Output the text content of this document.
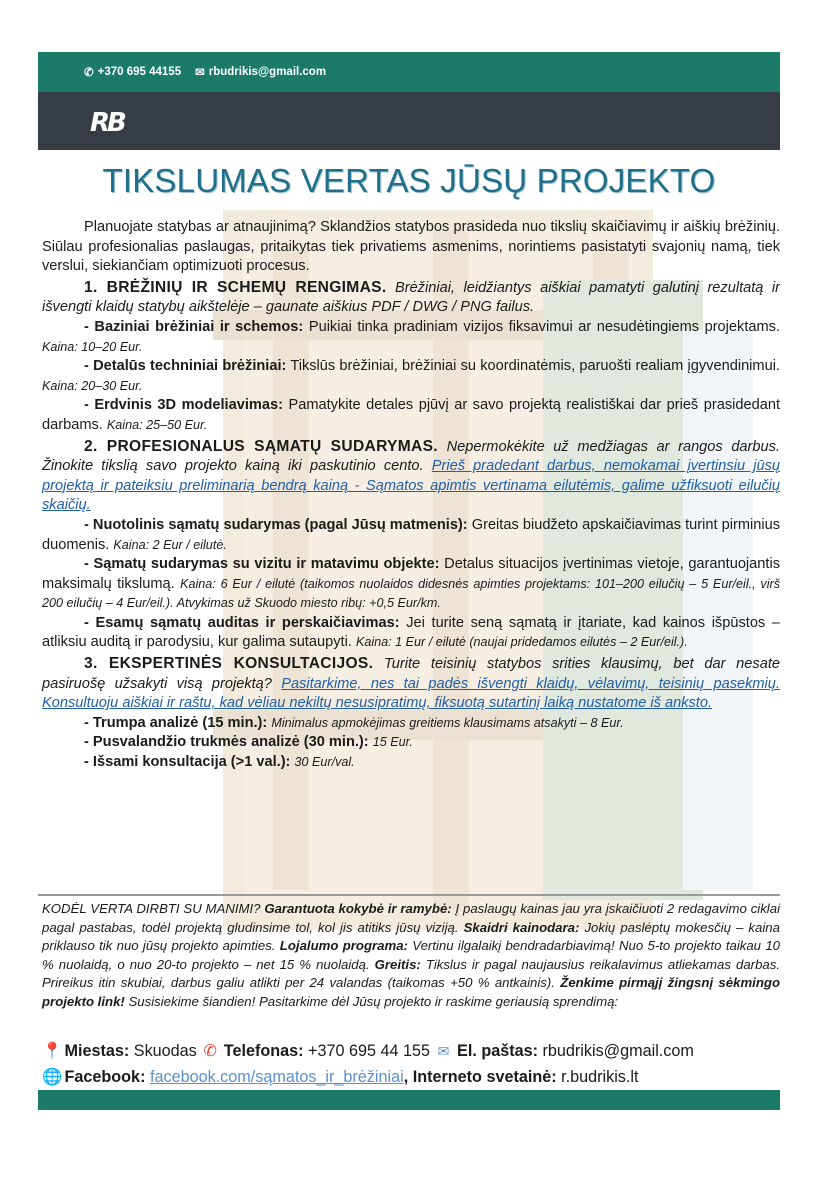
✆ +370 695 44155 ✉ rbudrikis@gmail.com
RB
TIKSLUMAS VERTAS JŪSŲ PROJEKTO

Planuojate statybas ar atnaujinimą? Sklandžios statybos prasideda nuo tikslių skaičiavimų ir aiškių brėžinių. Siūlau profesionalias paslaugas, pritaikytas tiek privatiems asmenims, norintiems pasistatyti svajonių namą, tiek verslui, siekiančiam optimizuoti procesus.

1. BRĖŽINIŲ IR SCHEMŲ RENGIMAS. Brėžiniai, leidžiantys aiškiai pamatyti galutinį rezultatą ir išvengti klaidų statybų aikštelėje – gaunate aiškius PDF / DWG / PNG failus.

- Baziniai brėžiniai ir schemos: Puikiai tinka pradiniam vizijos fiksavimui ar nesudėtingiems projektams. Kaina: 10–20 Eur.

- Detalūs techniniai brėžiniai: Tikslūs brėžiniai, brėžiniai su koordinatėmis, paruošti realiam įgyvendinimui. Kaina: 20–30 Eur.

- Erdvinis 3D modeliavimas: Pamatykite detales pjūvį ar savo projektą realistiškai dar prieš prasidedant darbams. Kaina: 25–50 Eur.

2. PROFESIONALUS SĄMATŲ SUDARYMAS. Nepermokėkite už medžiagas ar rangos darbus. Žinokite tikslią savo projekto kainą iki paskutinio cento. Prieš pradedant darbus, nemokamai įvertinsiu jūsų projektą ir pateiksiu preliminarią bendrą kainą - Sąmatos apimtis vertinama eilutėmis, galime užfiksuoti eilučių skaičių.

- Nuotolinis sąmatų sudarymas (pagal Jūsų matmenis): Greitas biudžeto apskaičiavimas turint pirminius duomenis. Kaina: 2 Eur / eilutė.

- Sąmatų sudarymas su vizitu ir matavimu objekte: Detalus situacijos įvertinimas vietoje, garantuojantis maksimalų tikslumą. Kaina: 6 Eur / eilutė (taikomos nuolaidos didesnės apimties projektams: 101–200 eilučių – 5 Eur/eil., virš 200 eilučių – 4 Eur/eil.). Atvykimas už Skuodo miesto ribų: +0,5 Eur/km.

- Esamų sąmatų auditas ir perskaičiavimas: Jei turite seną sąmatą ir įtariate, kad kainos išpūstos – atliksiu auditą ir parodysiu, kur galima sutaupyti. Kaina: 1 Eur / eilutė (naujai pridedamos eilutės – 2 Eur/eil.).

3. EKSPERTINĖS KONSULTACIJOS. Turite teisinių statybos srities klausimų, bet dar nesate pasiruošę užsakyti visą projektą? Pasitarkime, nes tai padės išvengti klaidų, vėlavimų, teisinių pasekmių. Konsultuoju aiškiai ir raštu, kad vėliau nekiltų nesusipratimų, fiksuotą sutartinį laiką nustatome iš anksto.

- Trumpa analizė (15 min.): Minimalus apmokėjimas greitiems klausimams atsakyti – 8 Eur.

- Pusvalandžio trukmės analizė (30 min.): 15 Eur.

- Išsami konsultacija (>1 val.): 30 Eur/val.

KODĖL VERTA DIRBTI SU MANIMI? Garantuota kokybė ir ramybė: Į paslaugų kainas jau yra įskaičiuoti 2 redagavimo ciklai pagal pastabas, todėl projektą gludinsime tol, kol jis atitiks jūsų viziją. Skaidri kainodara: Jokių paslėptų mokesčių – kaina priklauso tik nuo jūsų projekto apimties. Lojalumo programa: Vertinu ilgalaikį bendradarbiavimą! Nuo 5-to projekto taikau 10 % nuolaidą, o nuo 20-to projekto – net 15 % nuolaidą. Greitis: Tikslus ir pagal naujausius reikalavimus atliekamas darbas. Prireikus itin skubiai, darbus galiu atlikti per 24 valandas (taikomas +50 % antkainis). Ženkime pirmąjį žingsnį sėkmingo projekto link! Susisiekime šiandien! Pasitarkime dėl Jūsų projekto ir raskime geriausią sprendimą:
📍 Miestas: Skuodas ✆ Telefonas: +370 695 44 155 ✉ El. paštas: rbudrikis@gmail.com
🌐 Facebook: facebook.com/sąmatos_ir_brėžiniai, Interneto svetainė: r.budrikis.lt
